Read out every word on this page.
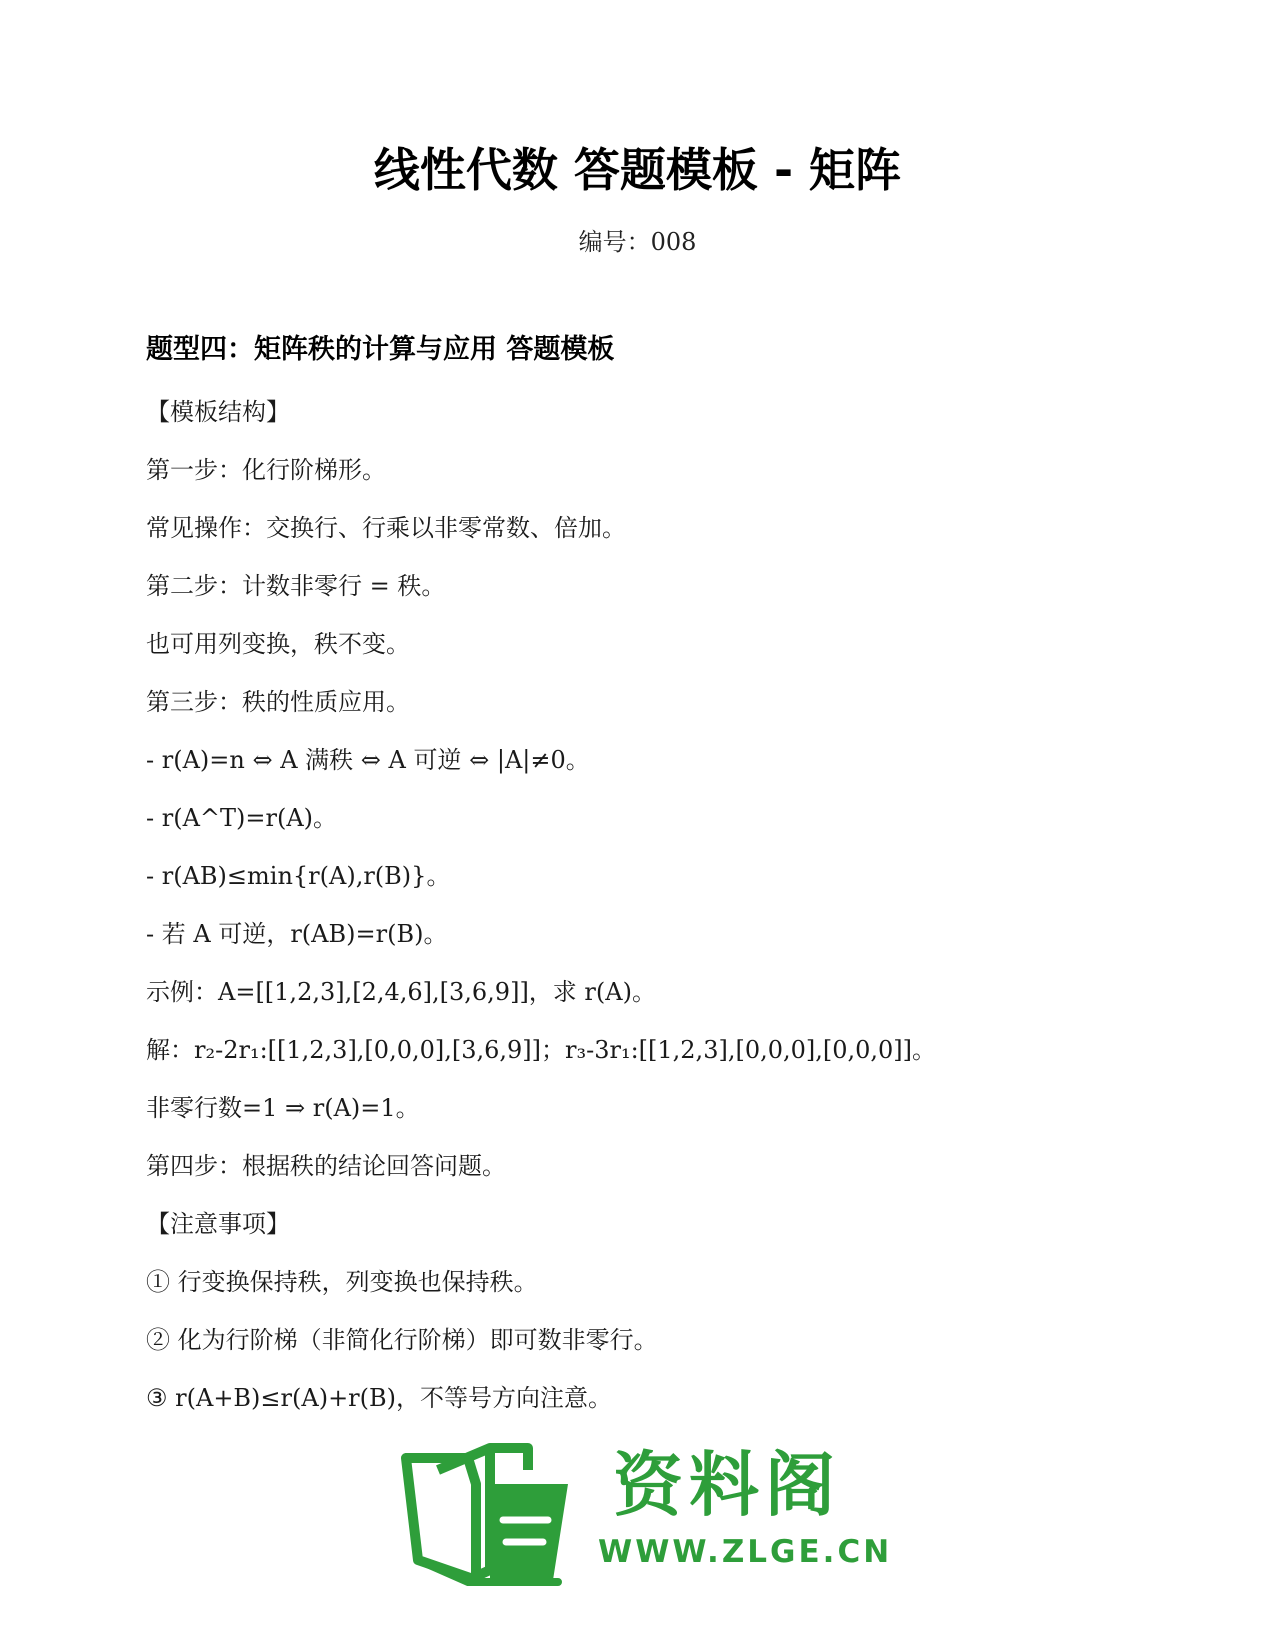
线性代数 答题模板 - 矩阵
编号：008
题型四：矩阵秩的计算与应用 答题模板
【模板结构】
第一步：化行阶梯形。
常见操作：交换行、行乘以非零常数、倍加。
第二步：计数非零行 = 秩。
也可用列变换，秩不变。
第三步：秩的性质应用。
- r(A)=n ⇔ A 满秩 ⇔ A 可逆 ⇔ |A|≠0。
- r(A^T)=r(A)。
- r(AB)≤min{r(A),r(B)}。
- 若 A 可逆，r(AB)=r(B)。
示例：A=[[1,2,3],[2,4,6],[3,6,9]]，求 r(A)。
解：r₂-2r₁:[[1,2,3],[0,0,0],[3,6,9]]；r₃-3r₁:[[1,2,3],[0,0,0],[0,0,0]]。
非零行数=1 ⇒ r(A)=1。
第四步：根据秩的结论回答问题。
【注意事项】
① 行变换保持秩，列变换也保持秩。
② 化为行阶梯（非简化行阶梯）即可数非零行。
③ r(A+B)≤r(A)+r(B)，不等号方向注意。
资料阁
WWW.ZLGE.CN
